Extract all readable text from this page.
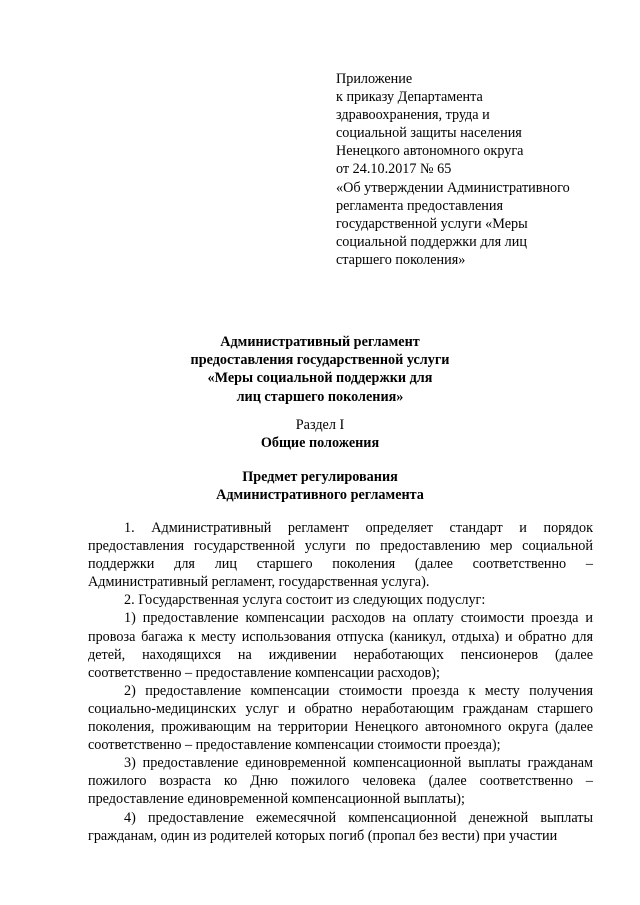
Приложение
к приказу Департамента
здравоохранения, труда и
социальной защиты населения
Ненецкого автономного округа
от 24.10.2017 № 65
«Об утверждении Административного
регламента предоставления
государственной услуги «Меры
социальной поддержки для лиц
старшего поколения»
Административный регламент
предоставления государственной услуги
«Меры социальной поддержки для
лиц старшего поколения»
Раздел I
Общие положения
Предмет регулирования
Административного регламента

1. Административный регламент определяет стандарт и порядок предоставления государственной услуги по предоставлению мер социальной поддержки для лиц старшего поколения (далее соответственно – Административный регламент, государственная услуга).

2. Государственная услуга состоит из следующих подуслуг:

1) предоставление компенсации расходов на оплату стоимости проезда и провоза багажа к месту использования отпуска (каникул, отдыха) и обратно для детей, находящихся на иждивении неработающих пенсионеров (далее соответственно – предоставление компенсации расходов);

2) предоставление компенсации стоимости проезда к месту получения социально-медицинских услуг и обратно неработающим гражданам старшего поколения, проживающим на территории Ненецкого автономного округа (далее соответственно – предоставление компенсации стоимости проезда);

3) предоставление единовременной компенсационной выплаты гражданам пожилого возраста ко Дню пожилого человека (далее соответственно – предоставление единовременной компенсационной выплаты);

4) предоставление ежемесячной компенсационной денежной выплаты гражданам, один из родителей которых погиб (пропал без вести) при участии
